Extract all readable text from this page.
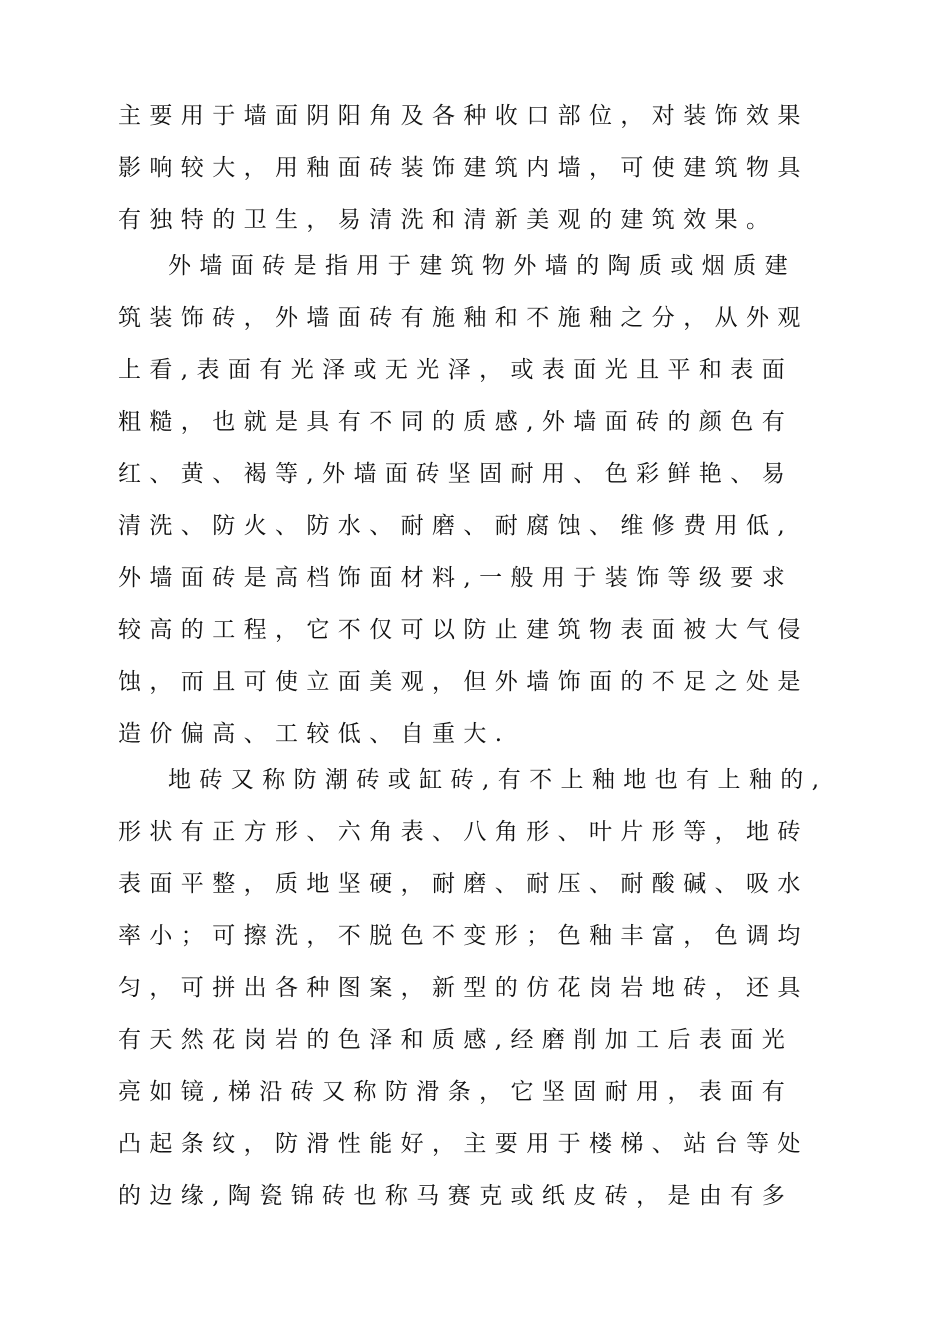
主要用于墙面阴阳角及各种收口部位，对装饰效果
影响较大，用釉面砖装饰建筑内墙，可使建筑物具
有独特的卫生，易清洗和清新美观的建筑效果。
外墙面砖是指用于建筑物外墙的陶质或烟质建
筑装饰砖，外墙面砖有施釉和不施釉之分，从外观
上看,表面有光泽或无光泽，或表面光且平和表面
粗糙，也就是具有不同的质感,外墙面砖的颜色有
红、黄、褐等,外墙面砖坚固耐用、色彩鲜艳、易
清洗、防火、防水、耐磨、耐腐蚀、维修费用低,
外墙面砖是高档饰面材料,一般用于装饰等级要求
较高的工程，它不仅可以防止建筑物表面被大气侵
蚀，而且可使立面美观，但外墙饰面的不足之处是
造价偏高、工较低、自重大.
地砖又称防潮砖或缸砖,有不上釉地也有上釉的,
形状有正方形、六角表、八角形、叶片形等，地砖
表面平整，质地坚硬，耐磨、耐压、耐酸碱、吸水
率小；可擦洗，不脱色不变形；色釉丰富，色调均
匀，可拼出各种图案，新型的仿花岗岩地砖，还具
有天然花岗岩的色泽和质感,经磨削加工后表面光
亮如镜,梯沿砖又称防滑条，它坚固耐用，表面有
凸起条纹，防滑性能好，主要用于楼梯、站台等处
的边缘,陶瓷锦砖也称马赛克或纸皮砖，是由有多
